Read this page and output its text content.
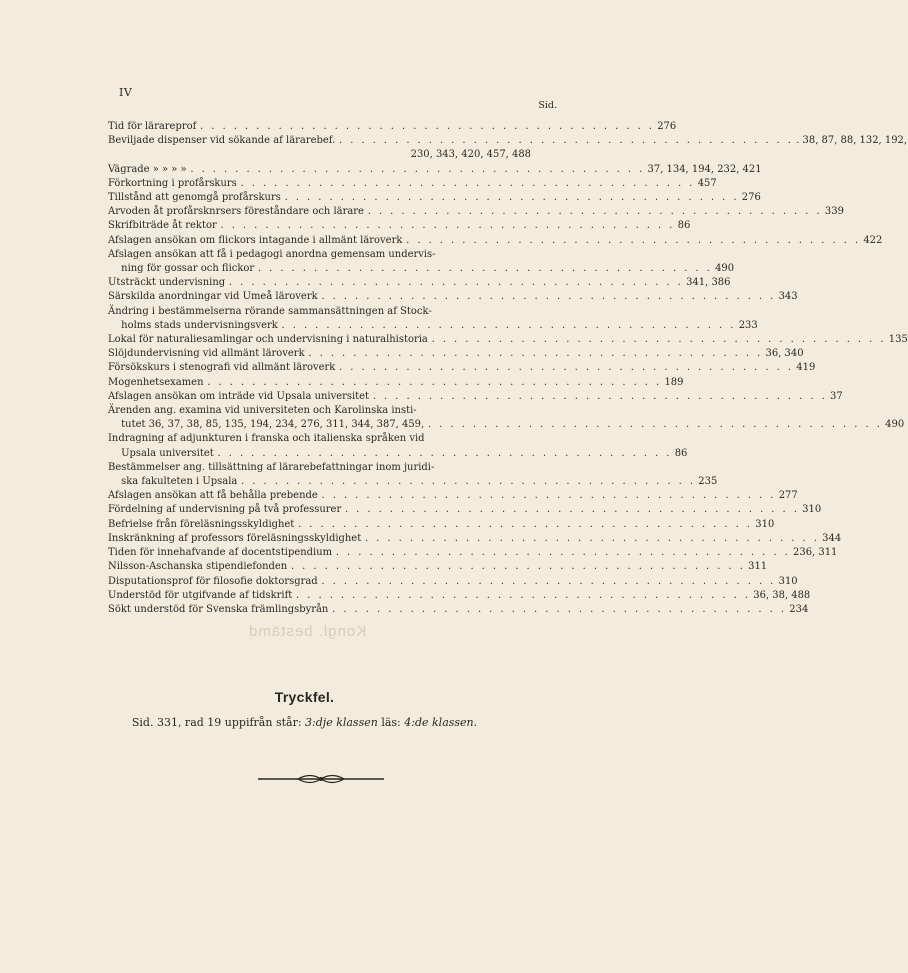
IV
Sid.
Tid för lärareprof . . . . . . . . . . . . . . . . . . . . . . . . . . . . . . . . . . . . . . . . . 276
Beviljade dispenser vid sökande af lärarebef. . . . . . . . . . . . . . . . . . . . . . . . . . . . . . . . . . . . . . . . . . . 38, 87, 88, 132, 192,
230, 343, 420, 457, 488
Vägrade » » » » . . . . . . . . . . . . . . . . . . . . . . . . . . . . . . . . . . . . . . . . . 37, 134, 194, 232, 421
Förkortning i profårskurs . . . . . . . . . . . . . . . . . . . . . . . . . . . . . . . . . . . . . . . . . 457
Tillstånd att genomgå profårskurs . . . . . . . . . . . . . . . . . . . . . . . . . . . . . . . . . . . . . . . . . 276
Arvoden åt profårsknrsers föreståndare och lärare . . . . . . . . . . . . . . . . . . . . . . . . . . . . . . . . . . . . . . . . . 339
Skrifbiträde åt rektor . . . . . . . . . . . . . . . . . . . . . . . . . . . . . . . . . . . . . . . . . 86
Afslagen ansökan om flickors intagande i allmänt läroverk . . . . . . . . . . . . . . . . . . . . . . . . . . . . . . . . . . . . . . . . . 422
Afslagen ansökan att få i pedagogi anordna gemensam undervis-
ning för gossar och flickor . . . . . . . . . . . . . . . . . . . . . . . . . . . . . . . . . . . . . . . . . 490
Utsträckt undervisning . . . . . . . . . . . . . . . . . . . . . . . . . . . . . . . . . . . . . . . . . 341, 386
Särskilda anordningar vid Umeå läroverk . . . . . . . . . . . . . . . . . . . . . . . . . . . . . . . . . . . . . . . . . 343
Ändring i bestämmelserna rörande sammansättningen af Stock-
holms stads undervisningsverk . . . . . . . . . . . . . . . . . . . . . . . . . . . . . . . . . . . . . . . . . 233
Lokal för naturaliesamlingar och undervisning i naturalhistoria . . . . . . . . . . . . . . . . . . . . . . . . . . . . . . . . . . . . . . . . . 135
Slöjdundervisning vid allmänt läroverk . . . . . . . . . . . . . . . . . . . . . . . . . . . . . . . . . . . . . . . . . 36, 340
Försökskurs i stenografi vid allmänt läroverk . . . . . . . . . . . . . . . . . . . . . . . . . . . . . . . . . . . . . . . . . 419
Mogenhetsexamen . . . . . . . . . . . . . . . . . . . . . . . . . . . . . . . . . . . . . . . . . 189
Afslagen ansökan om inträde vid Upsala universitet . . . . . . . . . . . . . . . . . . . . . . . . . . . . . . . . . . . . . . . . . 37
Ärenden ang. examina vid universiteten och Karolinska insti-
tutet 36, 37, 38, 85, 135, 194, 234, 276, 311, 344, 387, 459, . . . . . . . . . . . . . . . . . . . . . . . . . . . . . . . . . . . . . . . . . 490
Indragning af adjunkturen i franska och italienska språken vid
Upsala universitet . . . . . . . . . . . . . . . . . . . . . . . . . . . . . . . . . . . . . . . . . 86
Bestämmelser ang. tillsättning af lärarebefattningar inom juridi-
ska fakulteten i Upsala . . . . . . . . . . . . . . . . . . . . . . . . . . . . . . . . . . . . . . . . . 235
Afslagen ansökan att få behålla prebende . . . . . . . . . . . . . . . . . . . . . . . . . . . . . . . . . . . . . . . . . 277
Fördelning af undervisning på två professurer . . . . . . . . . . . . . . . . . . . . . . . . . . . . . . . . . . . . . . . . . 310
Befrielse från föreläsningsskyldighet . . . . . . . . . . . . . . . . . . . . . . . . . . . . . . . . . . . . . . . . . 310
Inskränkning af professors föreläsningsskyldighet . . . . . . . . . . . . . . . . . . . . . . . . . . . . . . . . . . . . . . . . . 344
Tiden för innehafvande af docentstipendium . . . . . . . . . . . . . . . . . . . . . . . . . . . . . . . . . . . . . . . . . 236, 311
Nilsson-Aschanska stipendiefonden . . . . . . . . . . . . . . . . . . . . . . . . . . . . . . . . . . . . . . . . . 311
Disputationsprof för filosofie doktorsgrad . . . . . . . . . . . . . . . . . . . . . . . . . . . . . . . . . . . . . . . . . 310
Understöd för utgifvande af tidskrift . . . . . . . . . . . . . . . . . . . . . . . . . . . . . . . . . . . . . . . . . 36, 38, 488
Sökt understöd för Svenska främlingsbyrån . . . . . . . . . . . . . . . . . . . . . . . . . . . . . . . . . . . . . . . . . 234
Kongl. bestämd
Tryckfel.
Sid. 331, rad 19 uppifrån står: 3:dje klassen läs: 4:de klassen.
